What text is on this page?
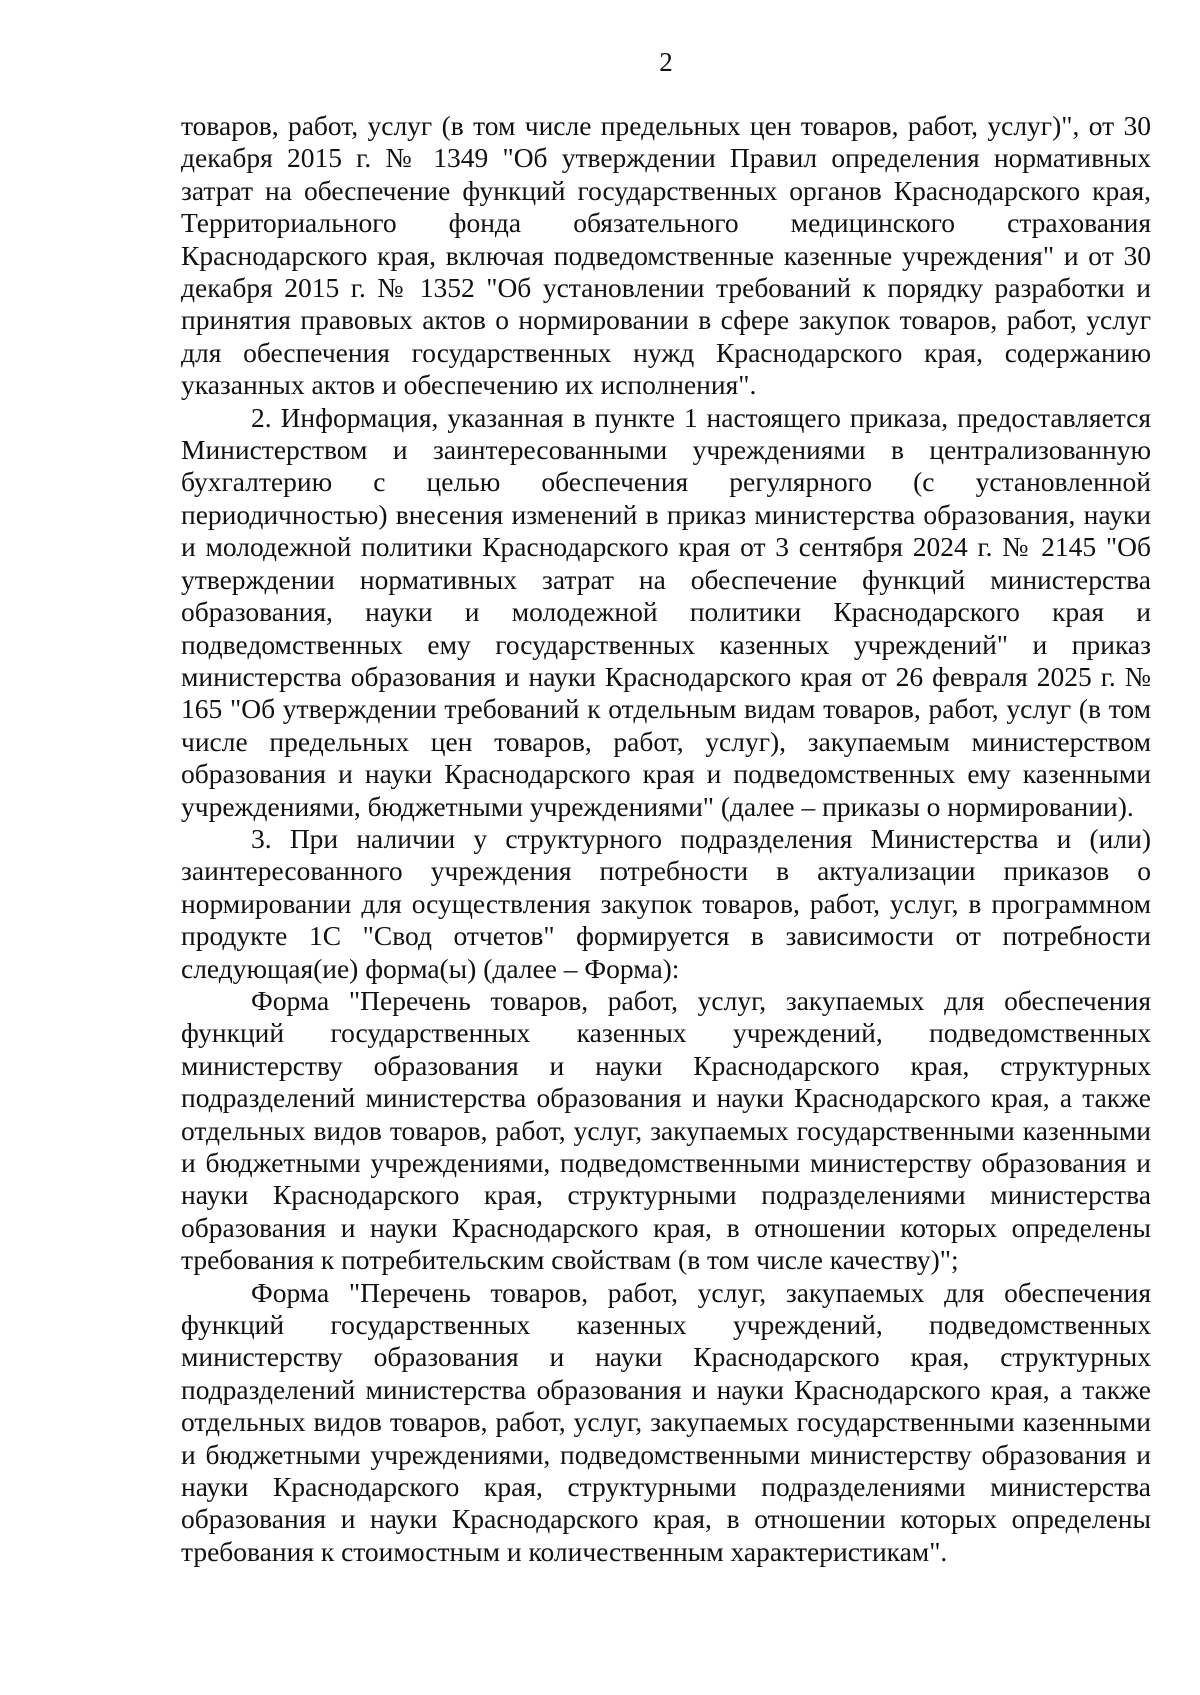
2

товаров, работ, услуг (в том числе предельных цен товаров, работ, услуг)", от 30 декабря 2015 г. № 1349 "Об утверждении Правил определения нормативных затрат на обеспечение функций государственных органов Краснодарского края, Территориального фонда обязательного медицинского страхования Краснодарского края, включая подведомственные казенные учреждения" и от 30 декабря 2015 г. № 1352 "Об установлении требований к порядку разработки и принятия правовых актов о нормировании в сфере закупок товаров, работ, услуг для обеспечения государственных нужд Краснодарского края, содержанию указанных актов и обеспечению их исполнения".

2. Информация, указанная в пункте 1 настоящего приказа, предоставляется Министерством и заинтересованными учреждениями в централизованную бухгалтерию с целью обеспечения регулярного (с установленной периодичностью) внесения изменений в приказ министерства образования, науки и молодежной политики Краснодарского края от 3 сентября 2024 г. № 2145 "Об утверждении нормативных затрат на обеспечение функций министерства образования, науки и молодежной политики Краснодарского края и подведомственных ему государственных казенных учреждений" и приказ министерства образования и науки Краснодарского края от 26 февраля 2025 г. № 165 "Об утверждении требований к отдельным видам товаров, работ, услуг (в том числе предельных цен товаров, работ, услуг), закупаемым министерством образования и науки Краснодарского края и подведомственных ему казенными учреждениями, бюджетными учреждениями" (далее – приказы о нормировании).

3. При наличии у структурного подразделения Министерства и (или) заинтересованного учреждения потребности в актуализации приказов о нормировании для осуществления закупок товаров, работ, услуг, в программном продукте 1С "Свод отчетов" формируется в зависимости от потребности следующая(ие) форма(ы) (далее – Форма):

Форма "Перечень товаров, работ, услуг, закупаемых для обеспечения функций государственных казенных учреждений, подведомственных министерству образования и науки Краснодарского края, структурных подразделений министерства образования и науки Краснодарского края, а также отдельных видов товаров, работ, услуг, закупаемых государственными казенными и бюджетными учреждениями, подведомственными министерству образования и науки Краснодарского края, структурными подразделениями министерства образования и науки Краснодарского края, в отношении которых определены требования к потребительским свойствам (в том числе качеству)";

Форма "Перечень товаров, работ, услуг, закупаемых для обеспечения функций государственных казенных учреждений, подведомственных министерству образования и науки Краснодарского края, структурных подразделений министерства образования и науки Краснодарского края, а также отдельных видов товаров, работ, услуг, закупаемых государственными казенными и бюджетными учреждениями, подведомственными министерству образования и науки Краснодарского края, структурными подразделениями министерства образования и науки Краснодарского края, в отношении которых определены требования к стоимостным и количественным характеристикам".
